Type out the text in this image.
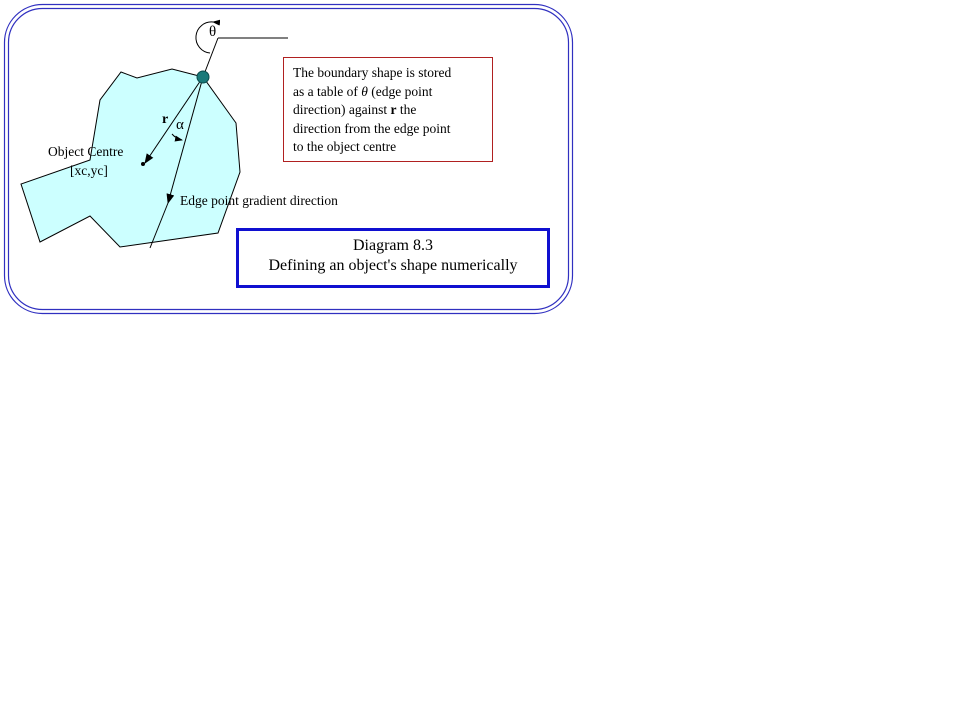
θ
r α
Object Centre
[xc,yc]
Edge point gradient direction
The boundary shape is stored
as a table of θ (edge point
direction) against r the
direction from the edge point
to the object centre
Diagram 8.3
Defining an object's shape numerically
